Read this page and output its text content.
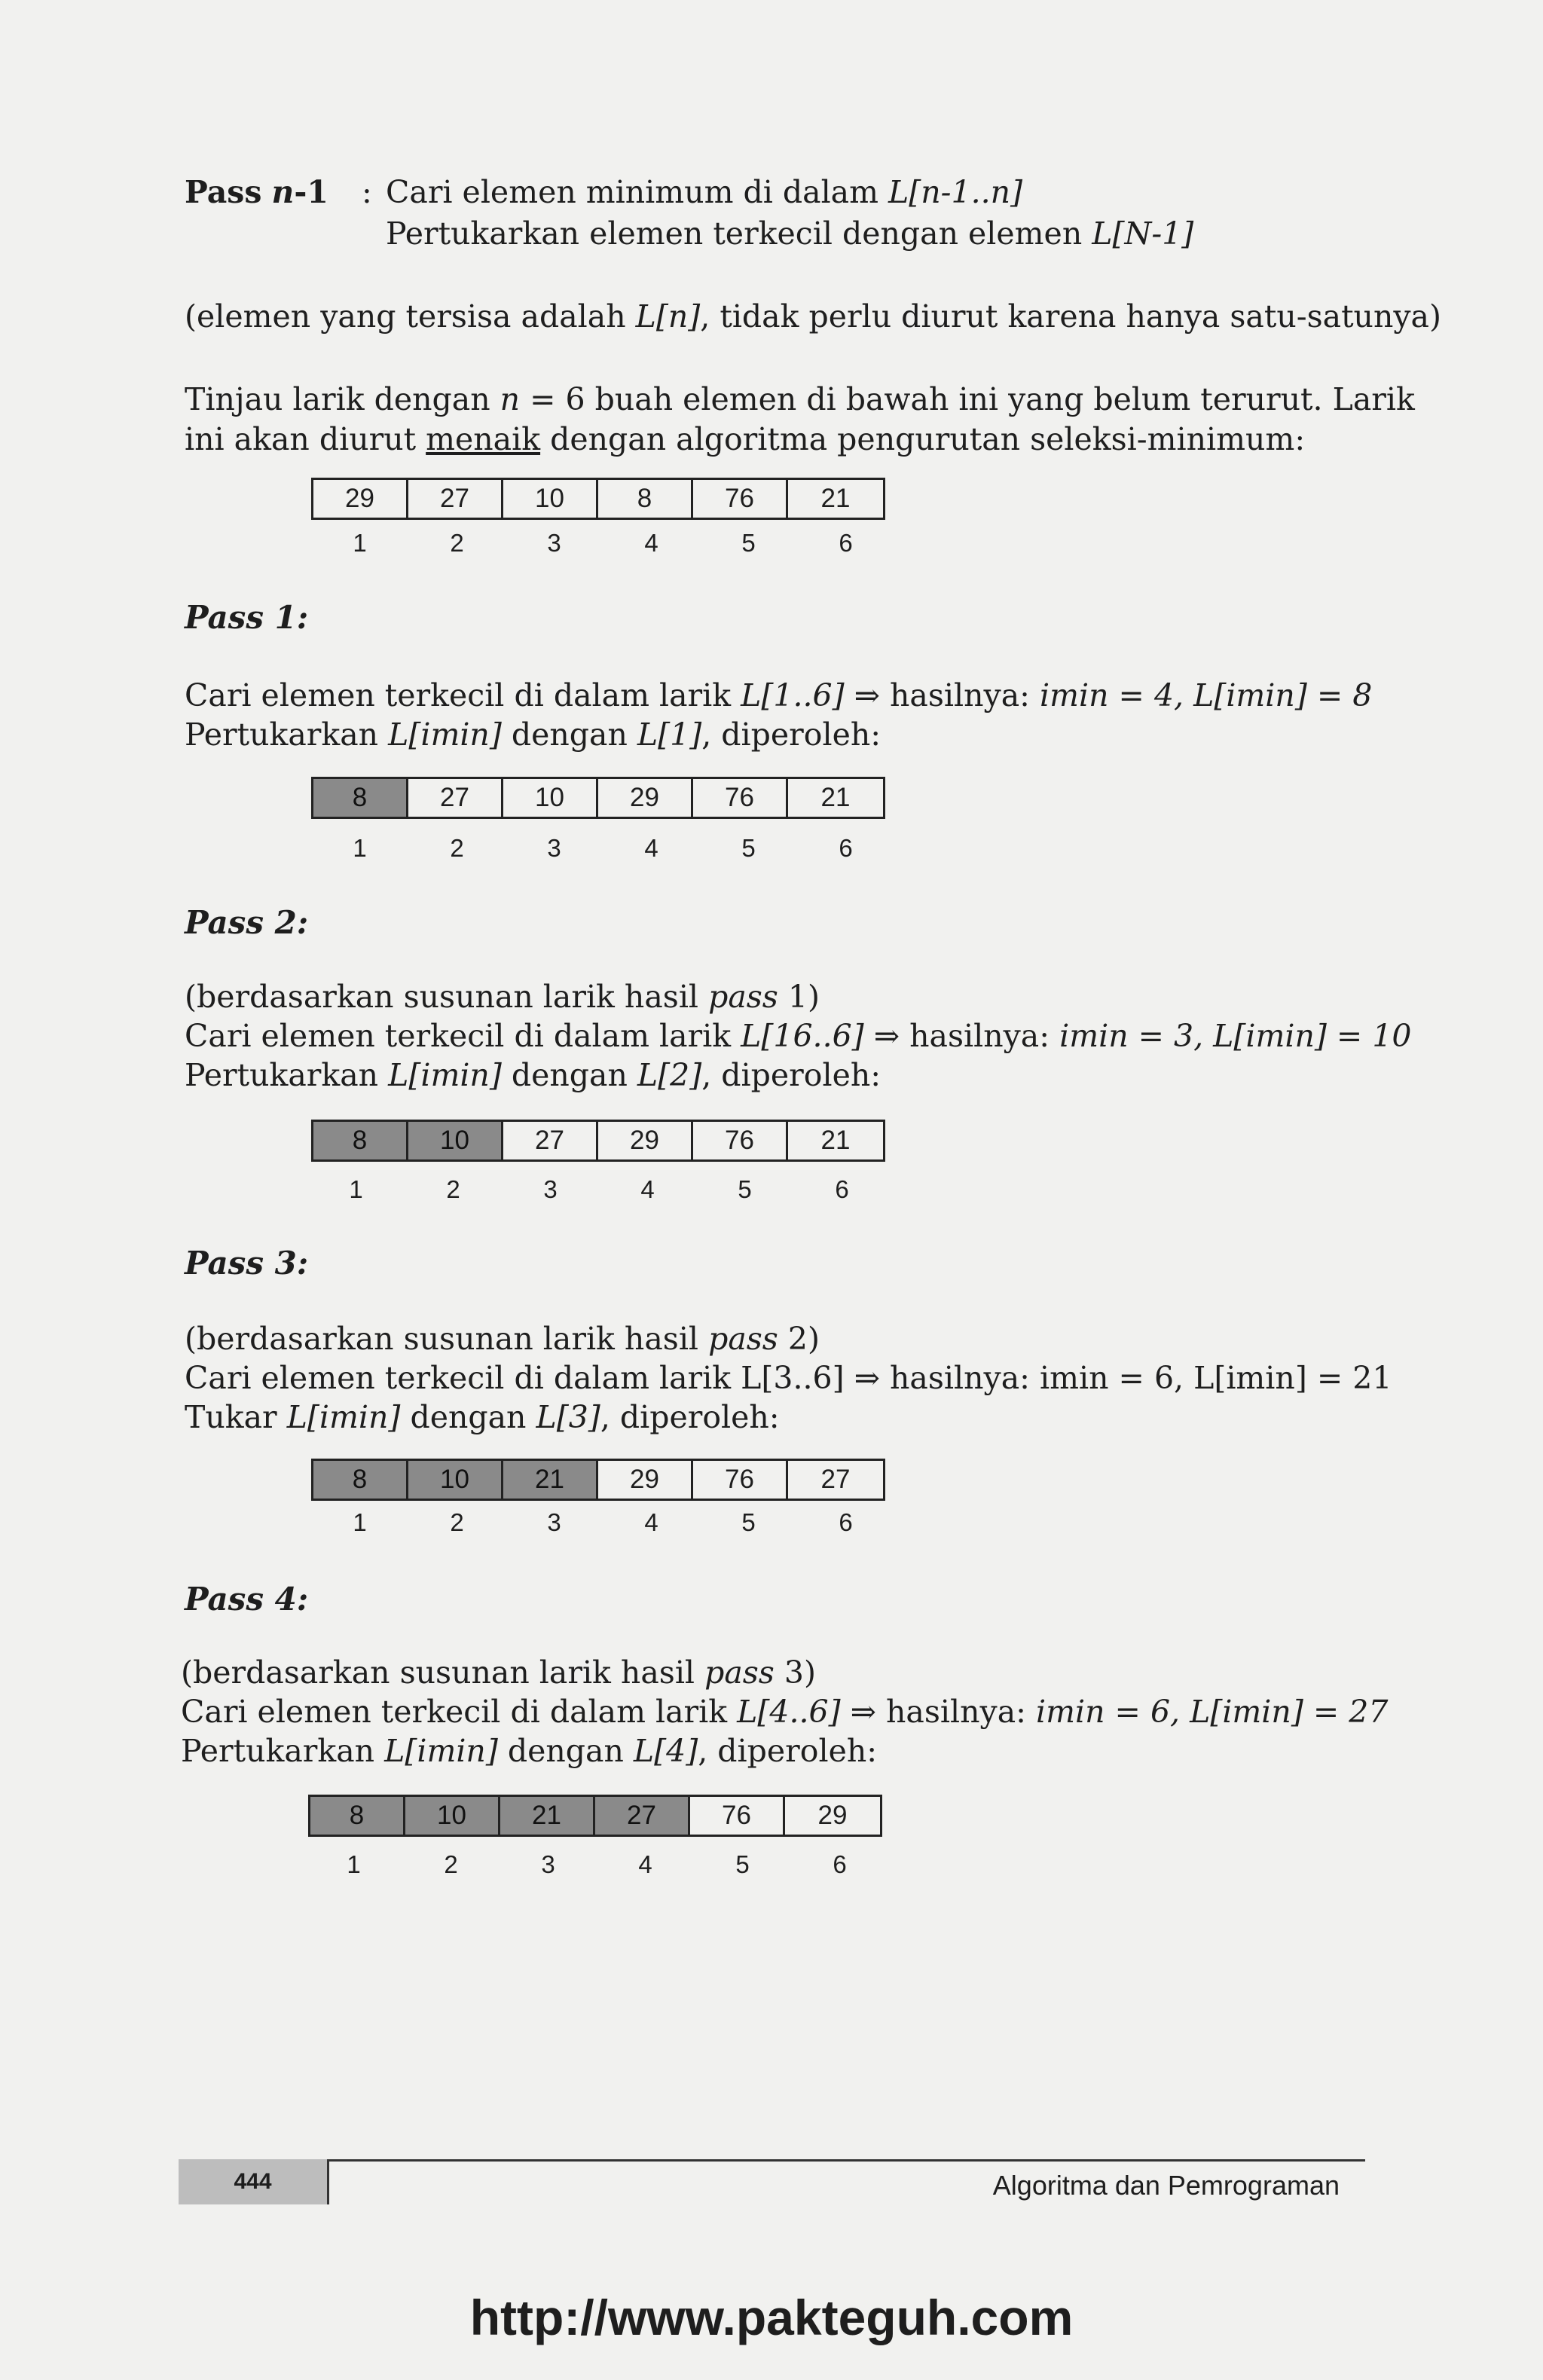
Pass n-1 : Cari elemen minimum di dalam L[n-1..n]
Pertukarkan elemen terkecil dengan elemen L[N-1]
(elemen yang tersisa adalah L[n], tidak perlu diurut karena hanya satu-satunya)
Tinjau larik dengan n = 6 buah elemen di bawah ini yang belum terurut. Larik
ini akan diurut menaik dengan algoritma pengurutan seleksi-minimum:
29	27	10	8	76	21
1	2	3	4	5	6
Pass 1:
Cari elemen terkecil di dalam larik L[1..6] ⇒ hasilnya: imin = 4, L[imin] = 8
Pertukarkan L[imin] dengan L[1], diperoleh:
8	27	10	29	76	21
1	2	3	4	5	6
Pass 2:
(berdasarkan susunan larik hasil pass 1)
Cari elemen terkecil di dalam larik L[16..6] ⇒ hasilnya: imin = 3, L[imin] = 10
Pertukarkan L[imin] dengan L[2], diperoleh:
8	10	27	29	76	21
1	2	3	4	5	6
Pass 3:
(berdasarkan susunan larik hasil pass 2)
Cari elemen terkecil di dalam larik L[3..6] ⇒ hasilnya: imin = 6, L[imin] = 21
Tukar L[imin] dengan L[3], diperoleh:
8	10	21	29	76	27
1	2	3	4	5	6
Pass 4:
(berdasarkan susunan larik hasil pass 3)
Cari elemen terkecil di dalam larik L[4..6] ⇒ hasilnya: imin = 6, L[imin] = 27
Pertukarkan L[imin] dengan L[4], diperoleh:
8	10	21	27	76	29
1	2	3	4	5	6
444	Algoritma dan Pemrograman
http://www.pakteguh.com
